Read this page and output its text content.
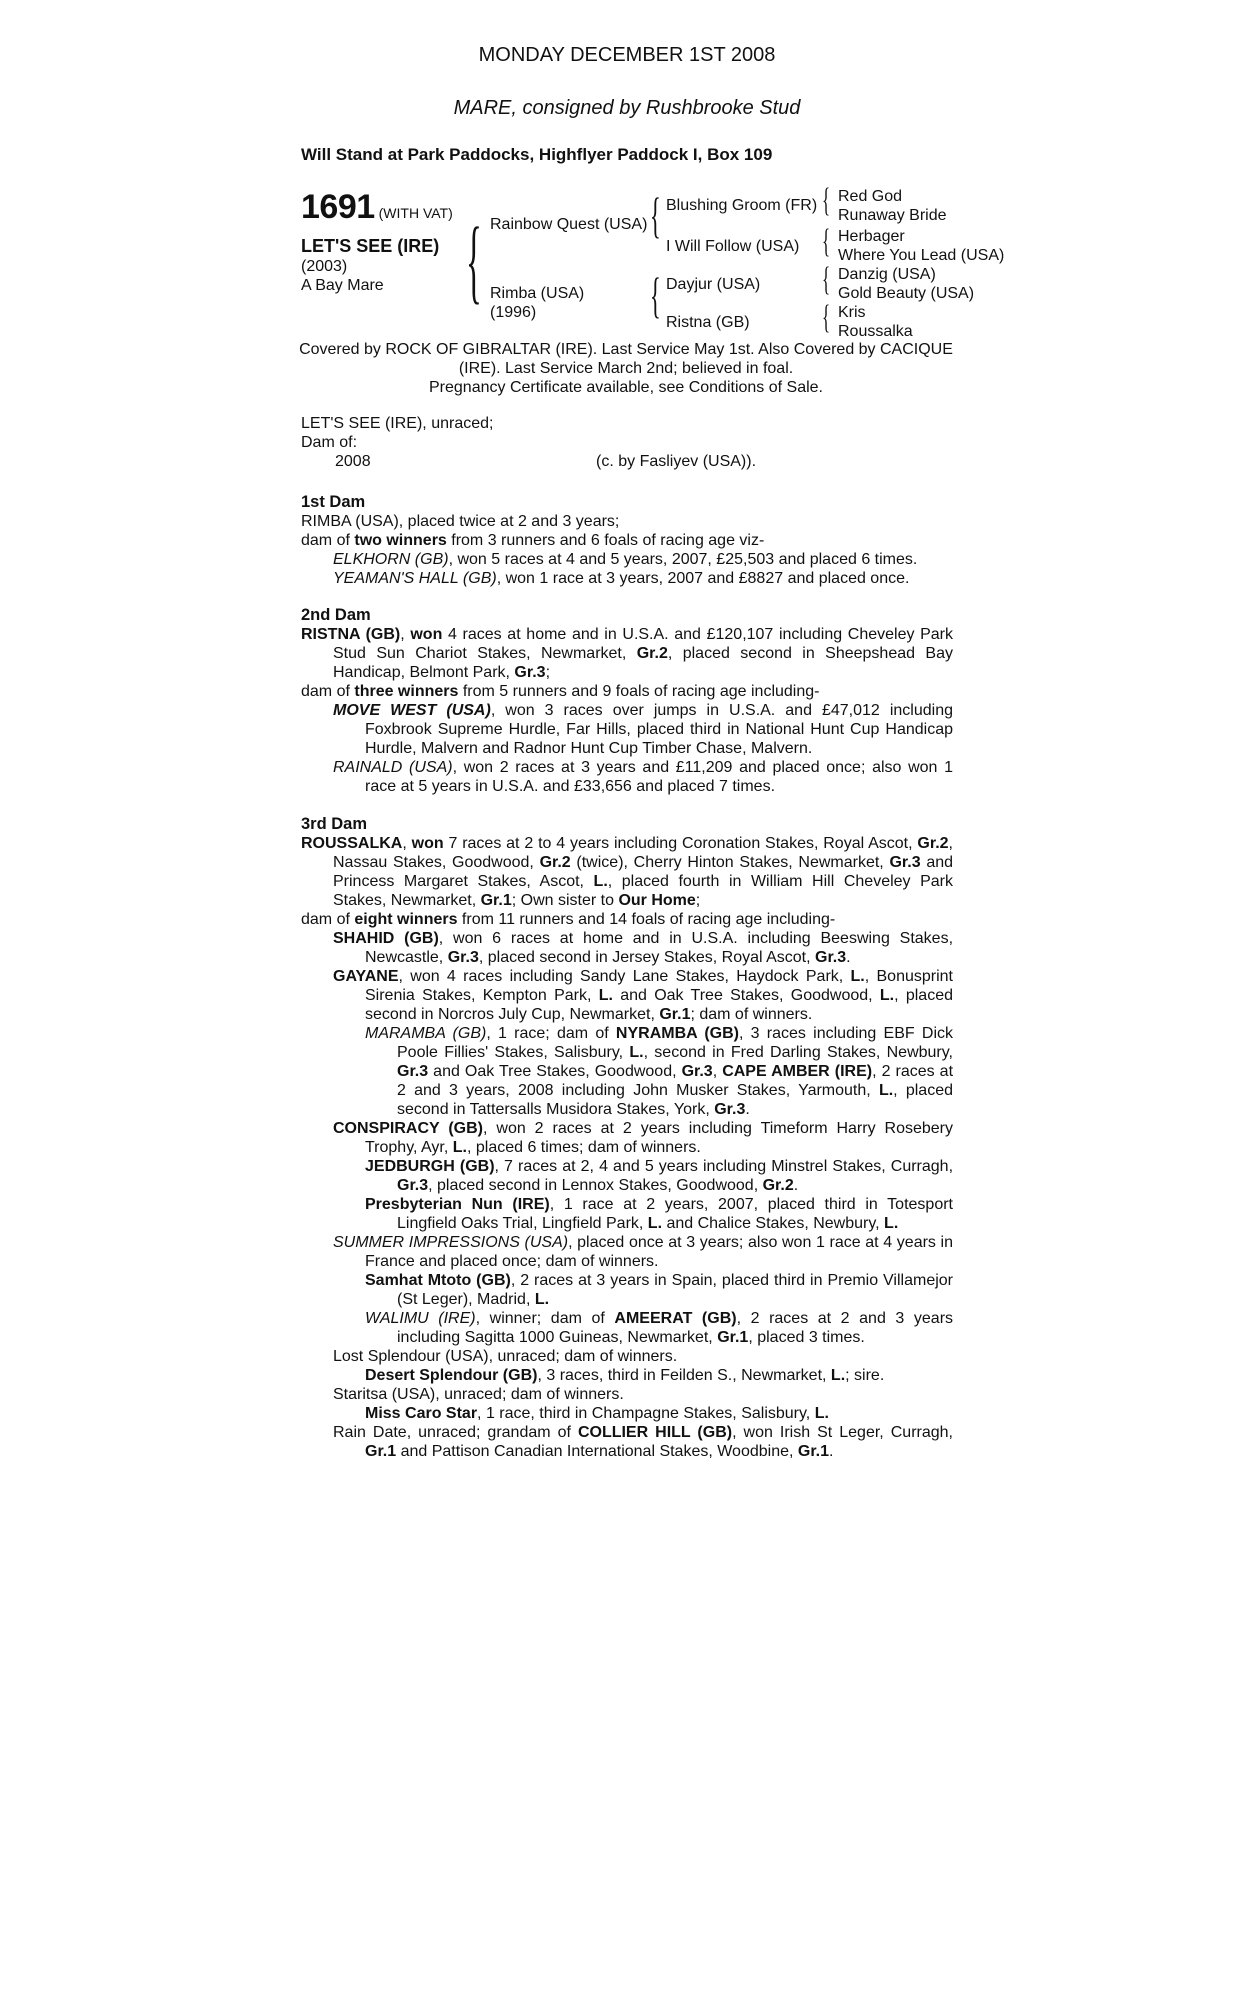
MONDAY DECEMBER 1ST 2008
MARE, consigned by Rushbrooke Stud
Will Stand at Park Paddocks, Highflyer Paddock I, Box 109
1691 (WITH VAT)
LET'S SEE (IRE)
(2003)
A Bay Mare { Rainbow Quest (USA)
Rimba (USA)
(1996)
{
{
Blushing Groom (FR)
I Will Follow (USA)
Dayjur (USA)
Ristna (GB)
{
{
{
{
Red God
Runaway Bride
Herbager
Where You Lead (USA)
Danzig (USA)
Gold Beauty (USA)
Kris
Roussalka
Covered by ROCK OF GIBRALTAR (IRE). Last Service May 1st. Also Covered by CACIQUE
(IRE). Last Service March 2nd; believed in foal.
Pregnancy Certificate available, see Conditions of Sale.
LET'S SEE (IRE), unraced;
Dam of:
2008	(c. by Fasliyev (USA)).
1st Dam
RIMBA (USA), placed twice at 2 and 3 years;
dam of two winners from 3 runners and 6 foals of racing age viz-
ELKHORN (GB), won 5 races at 4 and 5 years, 2007, £25,503 and placed 6 times.
YEAMAN'S HALL (GB), won 1 race at 3 years, 2007 and £8827 and placed once.
2nd Dam
RISTNA (GB), won 4 races at home and in U.S.A. and £120,107 including Cheveley Park Stud Sun Chariot Stakes, Newmarket, Gr.2, placed second in Sheepshead Bay Handicap, Belmont Park, Gr.3;
dam of three winners from 5 runners and 9 foals of racing age including-
MOVE WEST (USA), won 3 races over jumps in U.S.A. and £47,012 including Foxbrook Supreme Hurdle, Far Hills, placed third in National Hunt Cup Handicap Hurdle, Malvern and Radnor Hunt Cup Timber Chase, Malvern.
RAINALD (USA), won 2 races at 3 years and £11,209 and placed once; also won 1 race at 5 years in U.S.A. and £33,656 and placed 7 times.
3rd Dam
ROUSSALKA, won 7 races at 2 to 4 years including Coronation Stakes, Royal Ascot, Gr.2, Nassau Stakes, Goodwood, Gr.2 (twice), Cherry Hinton Stakes, Newmarket, Gr.3 and Princess Margaret Stakes, Ascot, L., placed fourth in William Hill Cheveley Park Stakes, Newmarket, Gr.1; Own sister to Our Home;
dam of eight winners from 11 runners and 14 foals of racing age including-
SHAHID (GB), won 6 races at home and in U.S.A. including Beeswing Stakes, Newcastle, Gr.3, placed second in Jersey Stakes, Royal Ascot, Gr.3.
GAYANE, won 4 races including Sandy Lane Stakes, Haydock Park, L., Bonusprint Sirenia Stakes, Kempton Park, L. and Oak Tree Stakes, Goodwood, L., placed second in Norcros July Cup, Newmarket, Gr.1; dam of winners.
MARAMBA (GB), 1 race; dam of NYRAMBA (GB), 3 races including EBF Dick Poole Fillies' Stakes, Salisbury, L., second in Fred Darling Stakes, Newbury, Gr.3 and Oak Tree Stakes, Goodwood, Gr.3, CAPE AMBER (IRE), 2 races at 2 and 3 years, 2008 including John Musker Stakes, Yarmouth, L., placed second in Tattersalls Musidora Stakes, York, Gr.3.
CONSPIRACY (GB), won 2 races at 2 years including Timeform Harry Rosebery Trophy, Ayr, L., placed 6 times; dam of winners.
JEDBURGH (GB), 7 races at 2, 4 and 5 years including Minstrel Stakes, Curragh, Gr.3, placed second in Lennox Stakes, Goodwood, Gr.2.
Presbyterian Nun (IRE), 1 race at 2 years, 2007, placed third in Totesport Lingfield Oaks Trial, Lingfield Park, L. and Chalice Stakes, Newbury, L.
SUMMER IMPRESSIONS (USA), placed once at 3 years; also won 1 race at 4 years in France and placed once; dam of winners.
Samhat Mtoto (GB), 2 races at 3 years in Spain, placed third in Premio Villamejor (St Leger), Madrid, L.
WALIMU (IRE), winner; dam of AMEERAT (GB), 2 races at 2 and 3 years including Sagitta 1000 Guineas, Newmarket, Gr.1, placed 3 times.
Lost Splendour (USA), unraced; dam of winners.
Desert Splendour (GB), 3 races, third in Feilden S., Newmarket, L.; sire.
Staritsa (USA), unraced; dam of winners.
Miss Caro Star, 1 race, third in Champagne Stakes, Salisbury, L.
Rain Date, unraced; grandam of COLLIER HILL (GB), won Irish St Leger, Curragh, Gr.1 and Pattison Canadian International Stakes, Woodbine, Gr.1.
